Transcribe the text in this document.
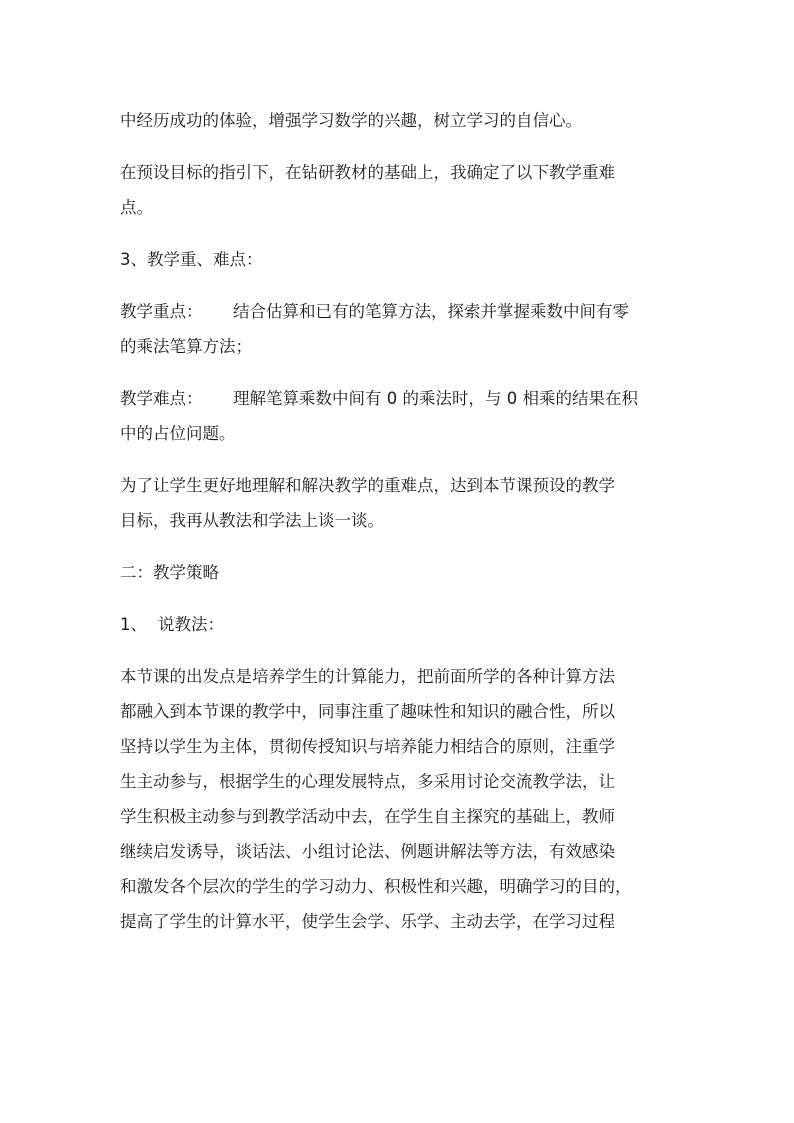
中经历成功的体验，增强学习数学的兴趣，树立学习的自信心。

在预设目标的指引下，在钻研教材的基础上，我确定了以下教学重难

点。

3、教学重、难点：

教学重点： 结合估算和已有的笔算方法，探索并掌握乘数中间有零

的乘法笔算方法；

教学难点： 理解笔算乘数中间有 0 的乘法时，与 0 相乘的结果在积

中的占位问题。

为了让学生更好地理解和解决教学的重难点，达到本节课预设的教学

目标，我再从教法和学法上谈一谈。

二：教学策略

1、 说教法：

本节课的出发点是培养学生的计算能力，把前面所学的各种计算方法

都融入到本节课的教学中，同事注重了趣味性和知识的融合性，所以

坚持以学生为主体，贯彻传授知识与培养能力相结合的原则，注重学

生主动参与，根据学生的心理发展特点，多采用讨论交流教学法，让

学生积极主动参与到教学活动中去，在学生自主探究的基础上，教师

继续启发诱导，谈话法、小组讨论法、例题讲解法等方法，有效感染

和激发各个层次的学生的学习动力、积极性和兴趣，明确学习的目的，

提高了学生的计算水平，使学生会学、乐学、主动去学，在学习过程
